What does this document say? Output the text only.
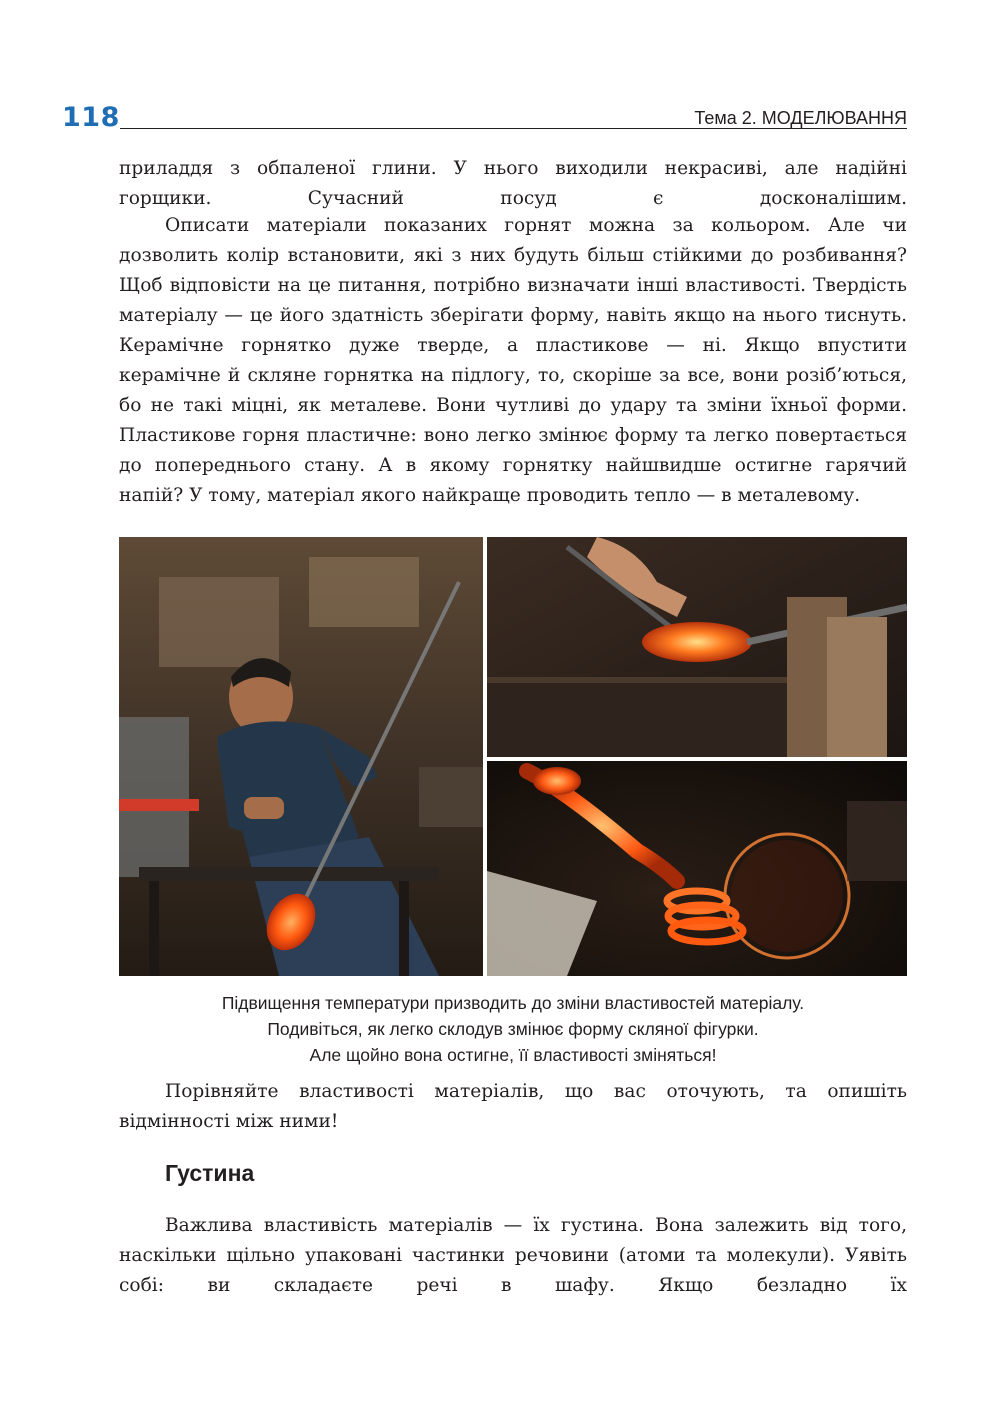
118	Тема 2. МОДЕЛЮВАННЯ

приладдя з обпаленої глини. У нього виходили некрасиві, але надійні горщики. Сучасний посуд є досконалішим.

Описати матеріали показаних горнят можна за кольором. Але чи дозволить колір встановити, які з них будуть більш стійкими до розбивання? Щоб відповісти на це питання, потрібно визначати інші властивості. Твердість матеріалу — це його здатність зберігати форму, навіть якщо на нього тиснуть. Керамічне горнятко дуже тверде, а пластикове — ні. Якщо впустити керамічне й скляне горнятка на підлогу, то, скоріше за все, вони розіб’ються, бо не такі міцні, як металеве. Вони чутливі до удару та зміни їхньої форми. Пластикове горня пластичне: воно легко змінює форму та легко повертається до попереднього стану. А в якому горнятку найшвидше остигне гарячий напій? У тому, матеріал якого найкраще проводить тепло — в металевому.

Підвищення температури призводить до зміни властивостей матеріалу.
Подивіться, як легко склодув змінює форму скляної фігурки.
Але щойно вона остигне, її властивості зміняться!

Порівняйте властивості матеріалів, що вас оточують, та опишіть відмінності між ними!

Густина

Важлива властивість матеріалів — їх густина. Вона залежить від того, наскільки щільно упаковані частинки речовини (атоми та молекули). Уявіть собі: ви складаєте речі в шафу. Якщо безладно їх
